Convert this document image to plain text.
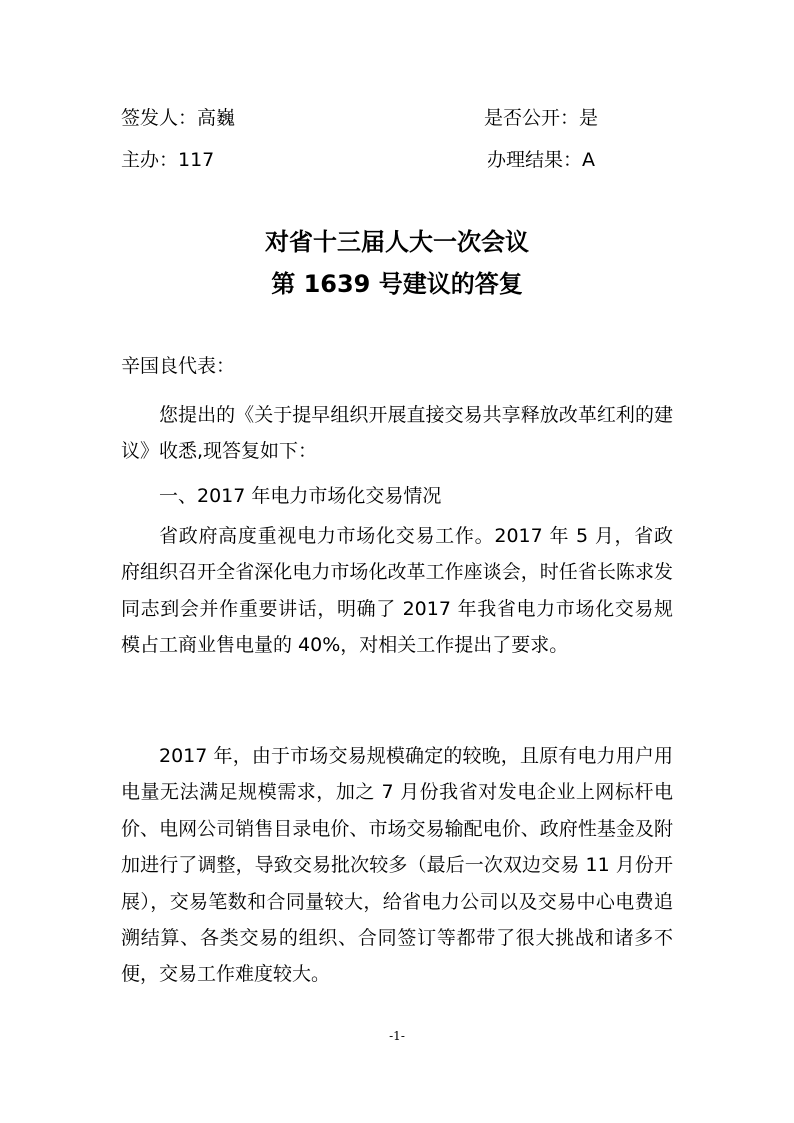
签发人：高巍	是否公开：是
主办：117	办理结果：A
对省十三届人大一次会议
第 1639 号建议的答复
辛国良代表：
您提出的《关于提早组织开展直接交易共享释放改革红利的建议》收悉,现答复如下：
一、2017 年电力市场化交易情况
省政府高度重视电力市场化交易工作。2017 年 5 月，省政府组织召开全省深化电力市场化改革工作座谈会，时任省长陈求发同志到会并作重要讲话，明确了 2017 年我省电力市场化交易规模占工商业售电量的 40%，对相关工作提出了要求。
2017 年，由于市场交易规模确定的较晚，且原有电力用户用电量无法满足规模需求，加之 7 月份我省对发电企业上网标杆电价、电网公司销售目录电价、市场交易输配电价、政府性基金及附加进行了调整，导致交易批次较多（最后一次双边交易 11 月份开展），交易笔数和合同量较大，给省电力公司以及交易中心电费追溯结算、各类交易的组织、合同签订等都带了很大挑战和诸多不便，交易工作难度较大。
-1-
